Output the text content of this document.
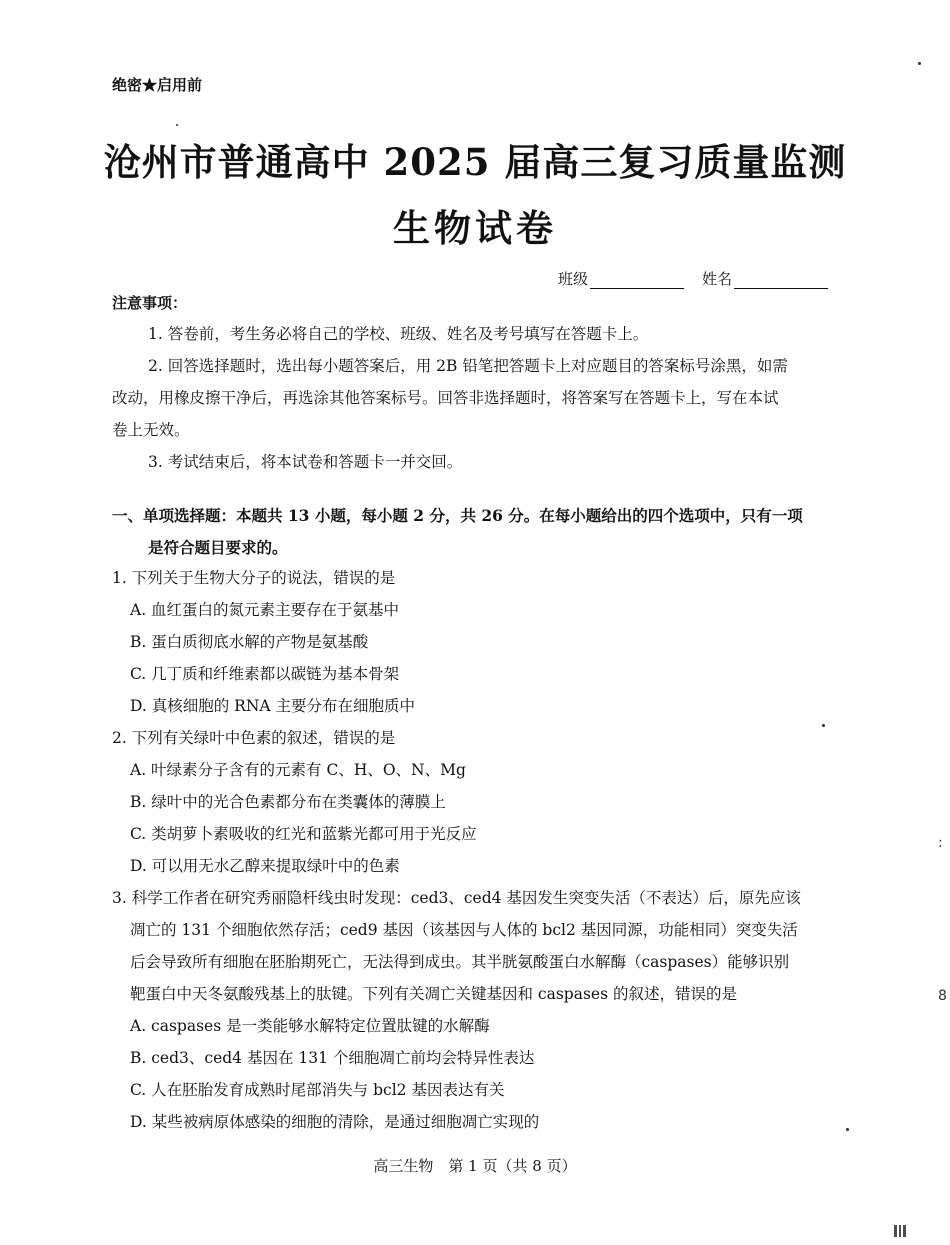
绝密★启用前
沧州市普通高中 2025 届高三复习质量监测
生物试卷
班级	姓名
注意事项：
1. 答卷前，考生务必将自己的学校、班级、姓名及考号填写在答题卡上。
2. 回答选择题时，选出每小题答案后，用 2B 铅笔把答题卡上对应题目的答案标号涂黑，如需
改动，用橡皮擦干净后，再选涂其他答案标号。回答非选择题时，将答案写在答题卡上，写在本试
卷上无效。
3. 考试结束后，将本试卷和答题卡一并交回。
一、单项选择题：本题共 13 小题，每小题 2 分，共 26 分。在每小题给出的四个选项中，只有一项
是符合题目要求的。
1. 下列关于生物大分子的说法，错误的是
A. 血红蛋白的氮元素主要存在于氨基中
B. 蛋白质彻底水解的产物是氨基酸
C. 几丁质和纤维素都以碳链为基本骨架
D. 真核细胞的 RNA 主要分布在细胞质中
2. 下列有关绿叶中色素的叙述，错误的是
A. 叶绿素分子含有的元素有 C、H、O、N、Mg
B. 绿叶中的光合色素都分布在类囊体的薄膜上
C. 类胡萝卜素吸收的红光和蓝紫光都可用于光反应
D. 可以用无水乙醇来提取绿叶中的色素
3. 科学工作者在研究秀丽隐杆线虫时发现：ced3、ced4 基因发生突变失活（不表达）后，原先应该
凋亡的 131 个细胞依然存活；ced9 基因（该基因与人体的 bcl2 基因同源，功能相同）突变失活
后会导致所有细胞在胚胎期死亡，无法得到成虫。其半胱氨酸蛋白水解酶（caspases）能够识别
靶蛋白中天冬氨酸残基上的肽键。下列有关凋亡关键基因和 caspases 的叙述，错误的是
A. caspases 是一类能够水解特定位置肽键的水解酶
B. ced3、ced4 基因在 131 个细胞凋亡前均会特异性表达
C. 人在胚胎发育成熟时尾部消失与 bcl2 基因表达有关
D. 某些被病原体感染的细胞的清除，是通过细胞凋亡实现的
高三生物　第 1 页（共 8 页）
:
8
